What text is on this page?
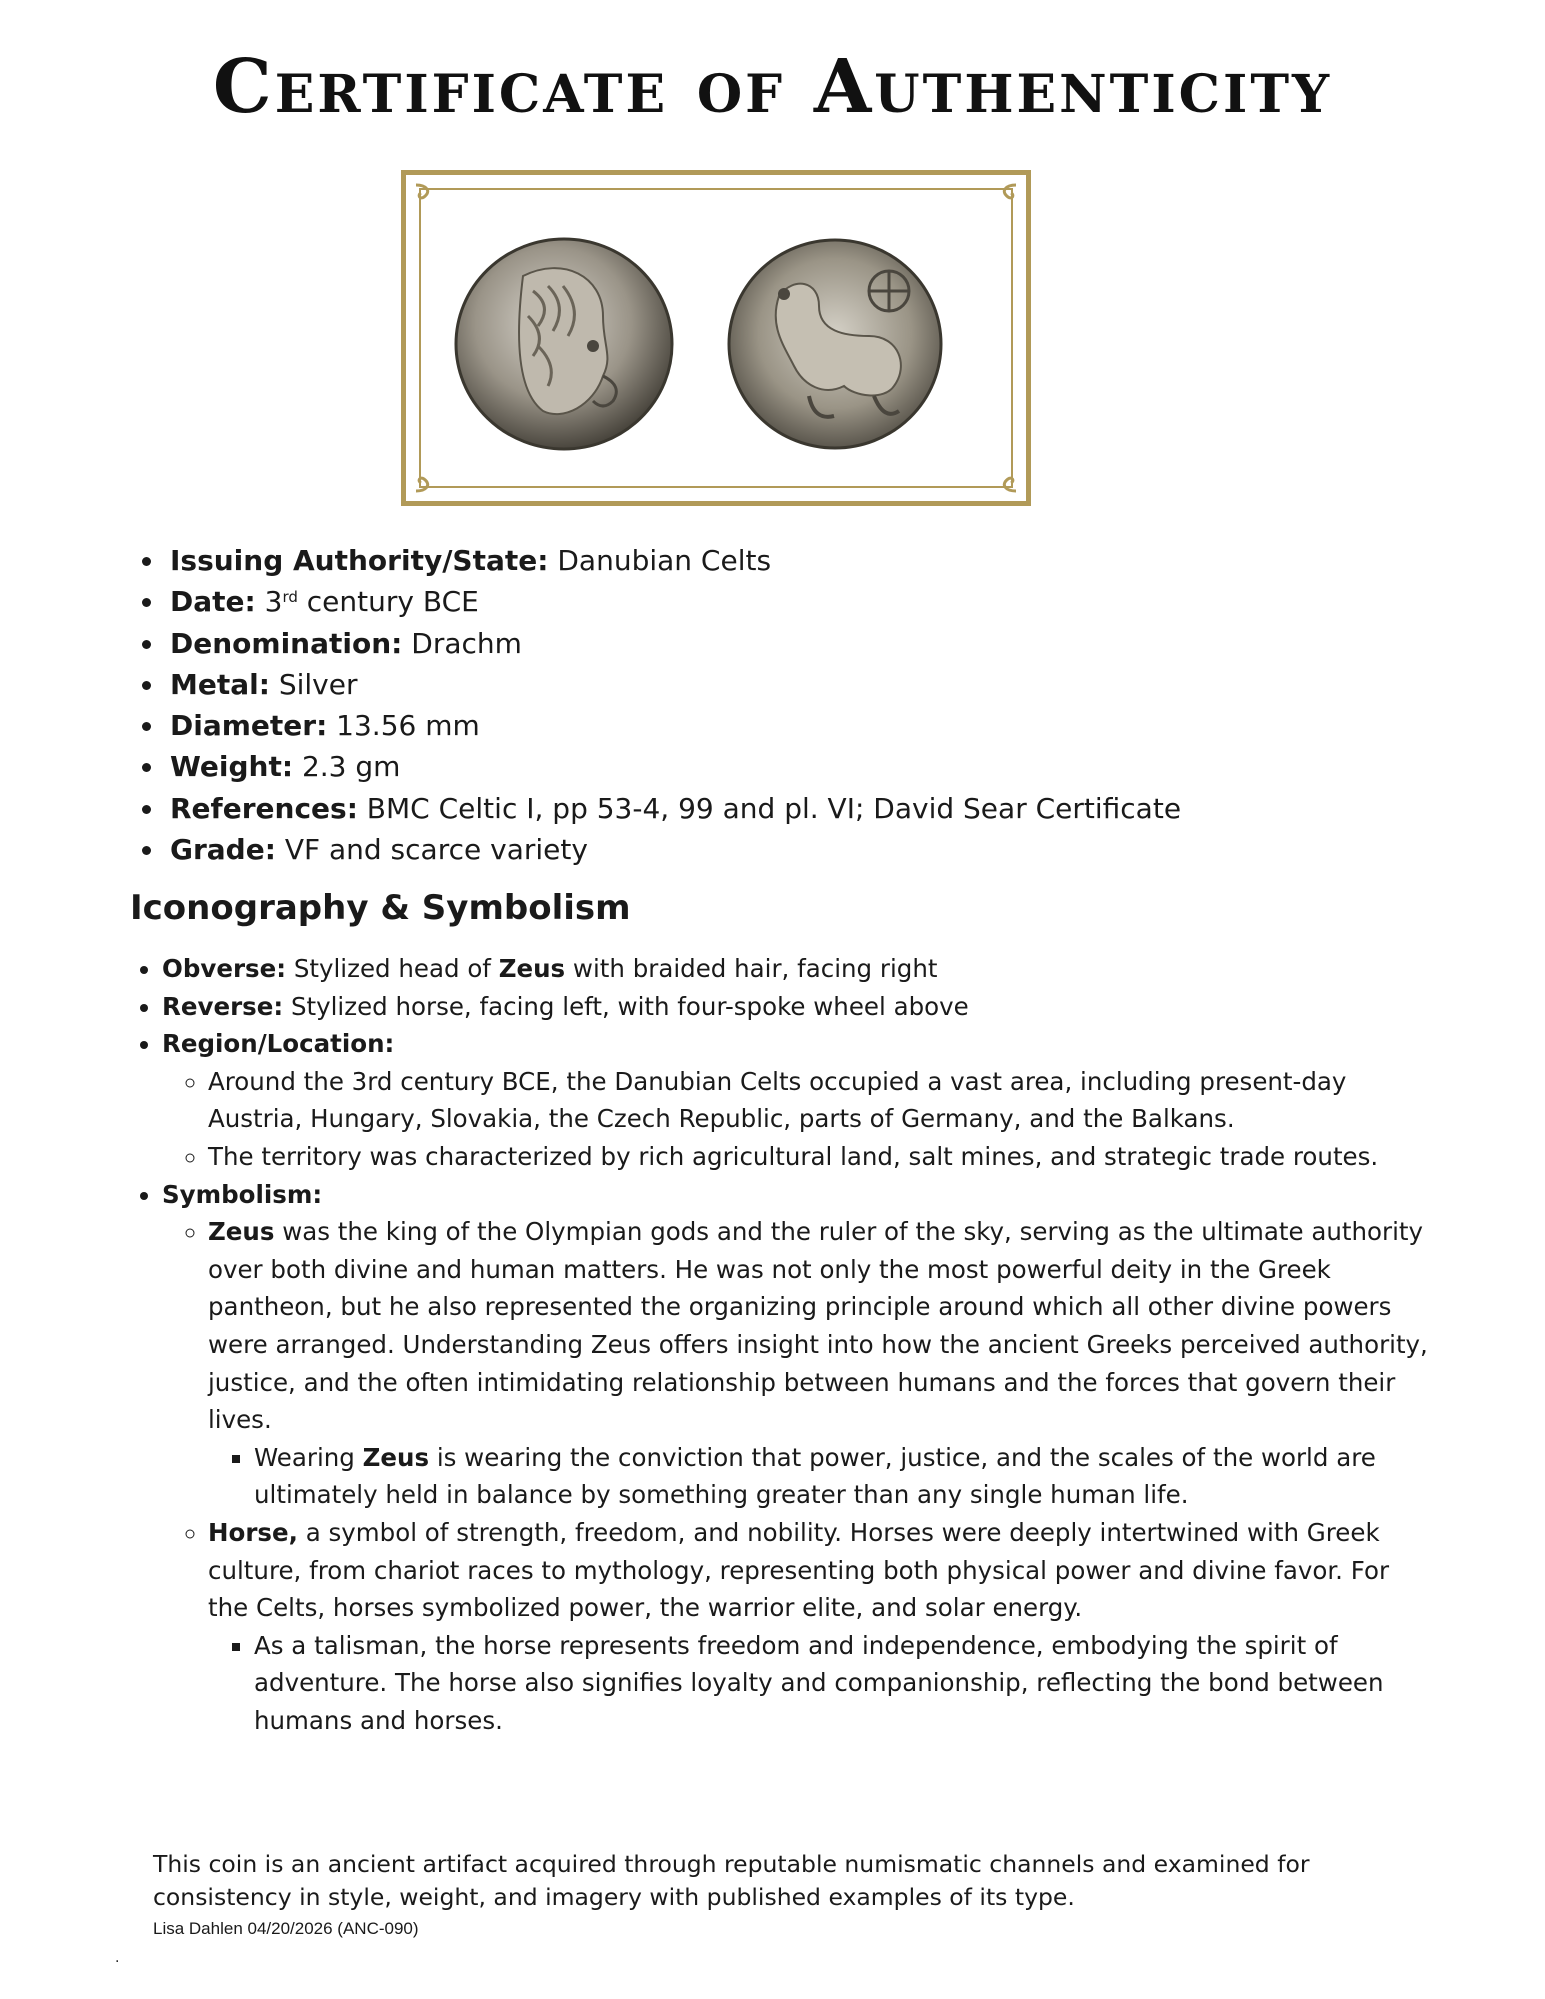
Certificate of Authenticity
• Issuing Authority/State: Danubian Celts
• Date: 3rd century BCE
• Denomination: Drachm
• Metal: Silver
• Diameter: 13.56 mm
• Weight: 2.3 gm
• References: BMC Celtic I, pp 53-4, 99 and pl. VI; David Sear Certificate
• Grade: VF and scarce variety
Iconography & Symbolism
• Obverse: Stylized head of Zeus with braided hair, facing right
• Reverse: Stylized horse, facing left, with four-spoke wheel above
• Region/Location:
◦ Around the 3rd century BCE, the Danubian Celts occupied a vast area, including present-day Austria, Hungary, Slovakia, the Czech Republic, parts of Germany, and the Balkans.
◦ The territory was characterized by rich agricultural land, salt mines, and strategic trade routes.
• Symbolism:
◦ Zeus was the king of the Olympian gods and the ruler of the sky, serving as the ultimate authority over both divine and human matters. He was not only the most powerful deity in the Greek pantheon, but he also represented the organizing principle around which all other divine powers were arranged. Understanding Zeus offers insight into how the ancient Greeks perceived authority, justice, and the often intimidating relationship between humans and the forces that govern their lives.
▪ Wearing Zeus is wearing the conviction that power, justice, and the scales of the world are ultimately held in balance by something greater than any single human life.
◦ Horse, a symbol of strength, freedom, and nobility. Horses were deeply intertwined with Greek culture, from chariot races to mythology, representing both physical power and divine favor. For the Celts, horses symbolized power, the warrior elite, and solar energy.
▪ As a talisman, the horse represents freedom and independence, embodying the spirit of adventure. The horse also signifies loyalty and companionship, reflecting the bond between humans and horses.
This coin is an ancient artifact acquired through reputable numismatic channels and examined for consistency in style, weight, and imagery with published examples of its type.
Lisa Dahlen 04/20/2026 (ANC-090)
.
